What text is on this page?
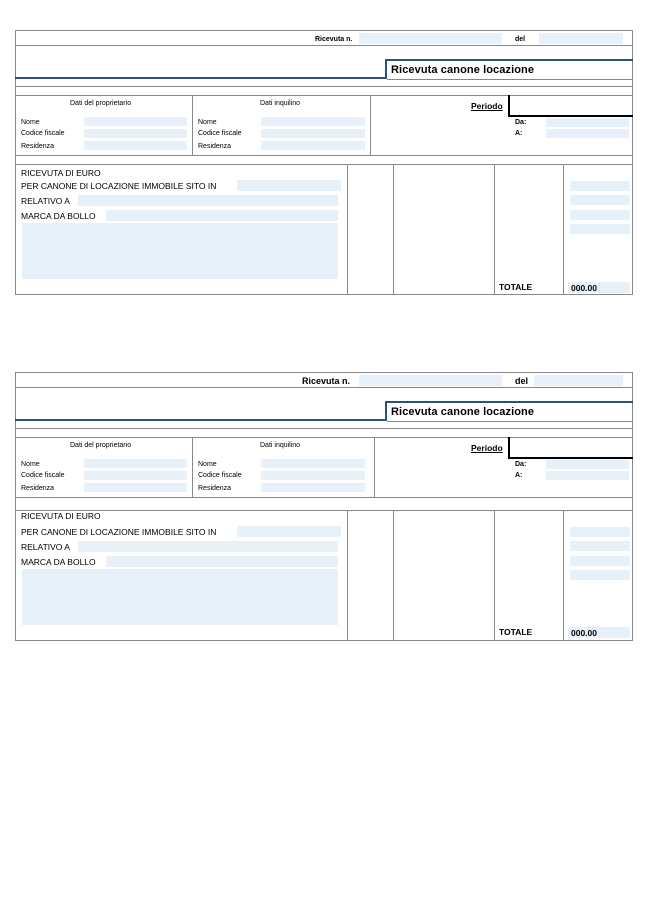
Ricevuta n.	del
Ricevuta canone locazione
Dati del proprietario
Nome
Codice fiscale
Residenza
Dati inquilino
Nome
Codice fiscale
Residenza
Periodo
Da:
A:
RICEVUTA DI EURO
PER CANONE DI LOCAZIONE IMMOBILE SITO IN
RELATIVO A
MARCA DA BOLLO
TOTALE	000.00
Ricevuta n.	del
Ricevuta canone locazione
Dati del proprietario
Nome
Codice fiscale
Residenza
Dati inquilino
Nome
Codice fiscale
Residenza
Periodo
Da:
A:
RICEVUTA DI EURO
PER CANONE DI LOCAZIONE IMMOBILE SITO IN
RELATIVO A
MARCA DA BOLLO
TOTALE	000.00
